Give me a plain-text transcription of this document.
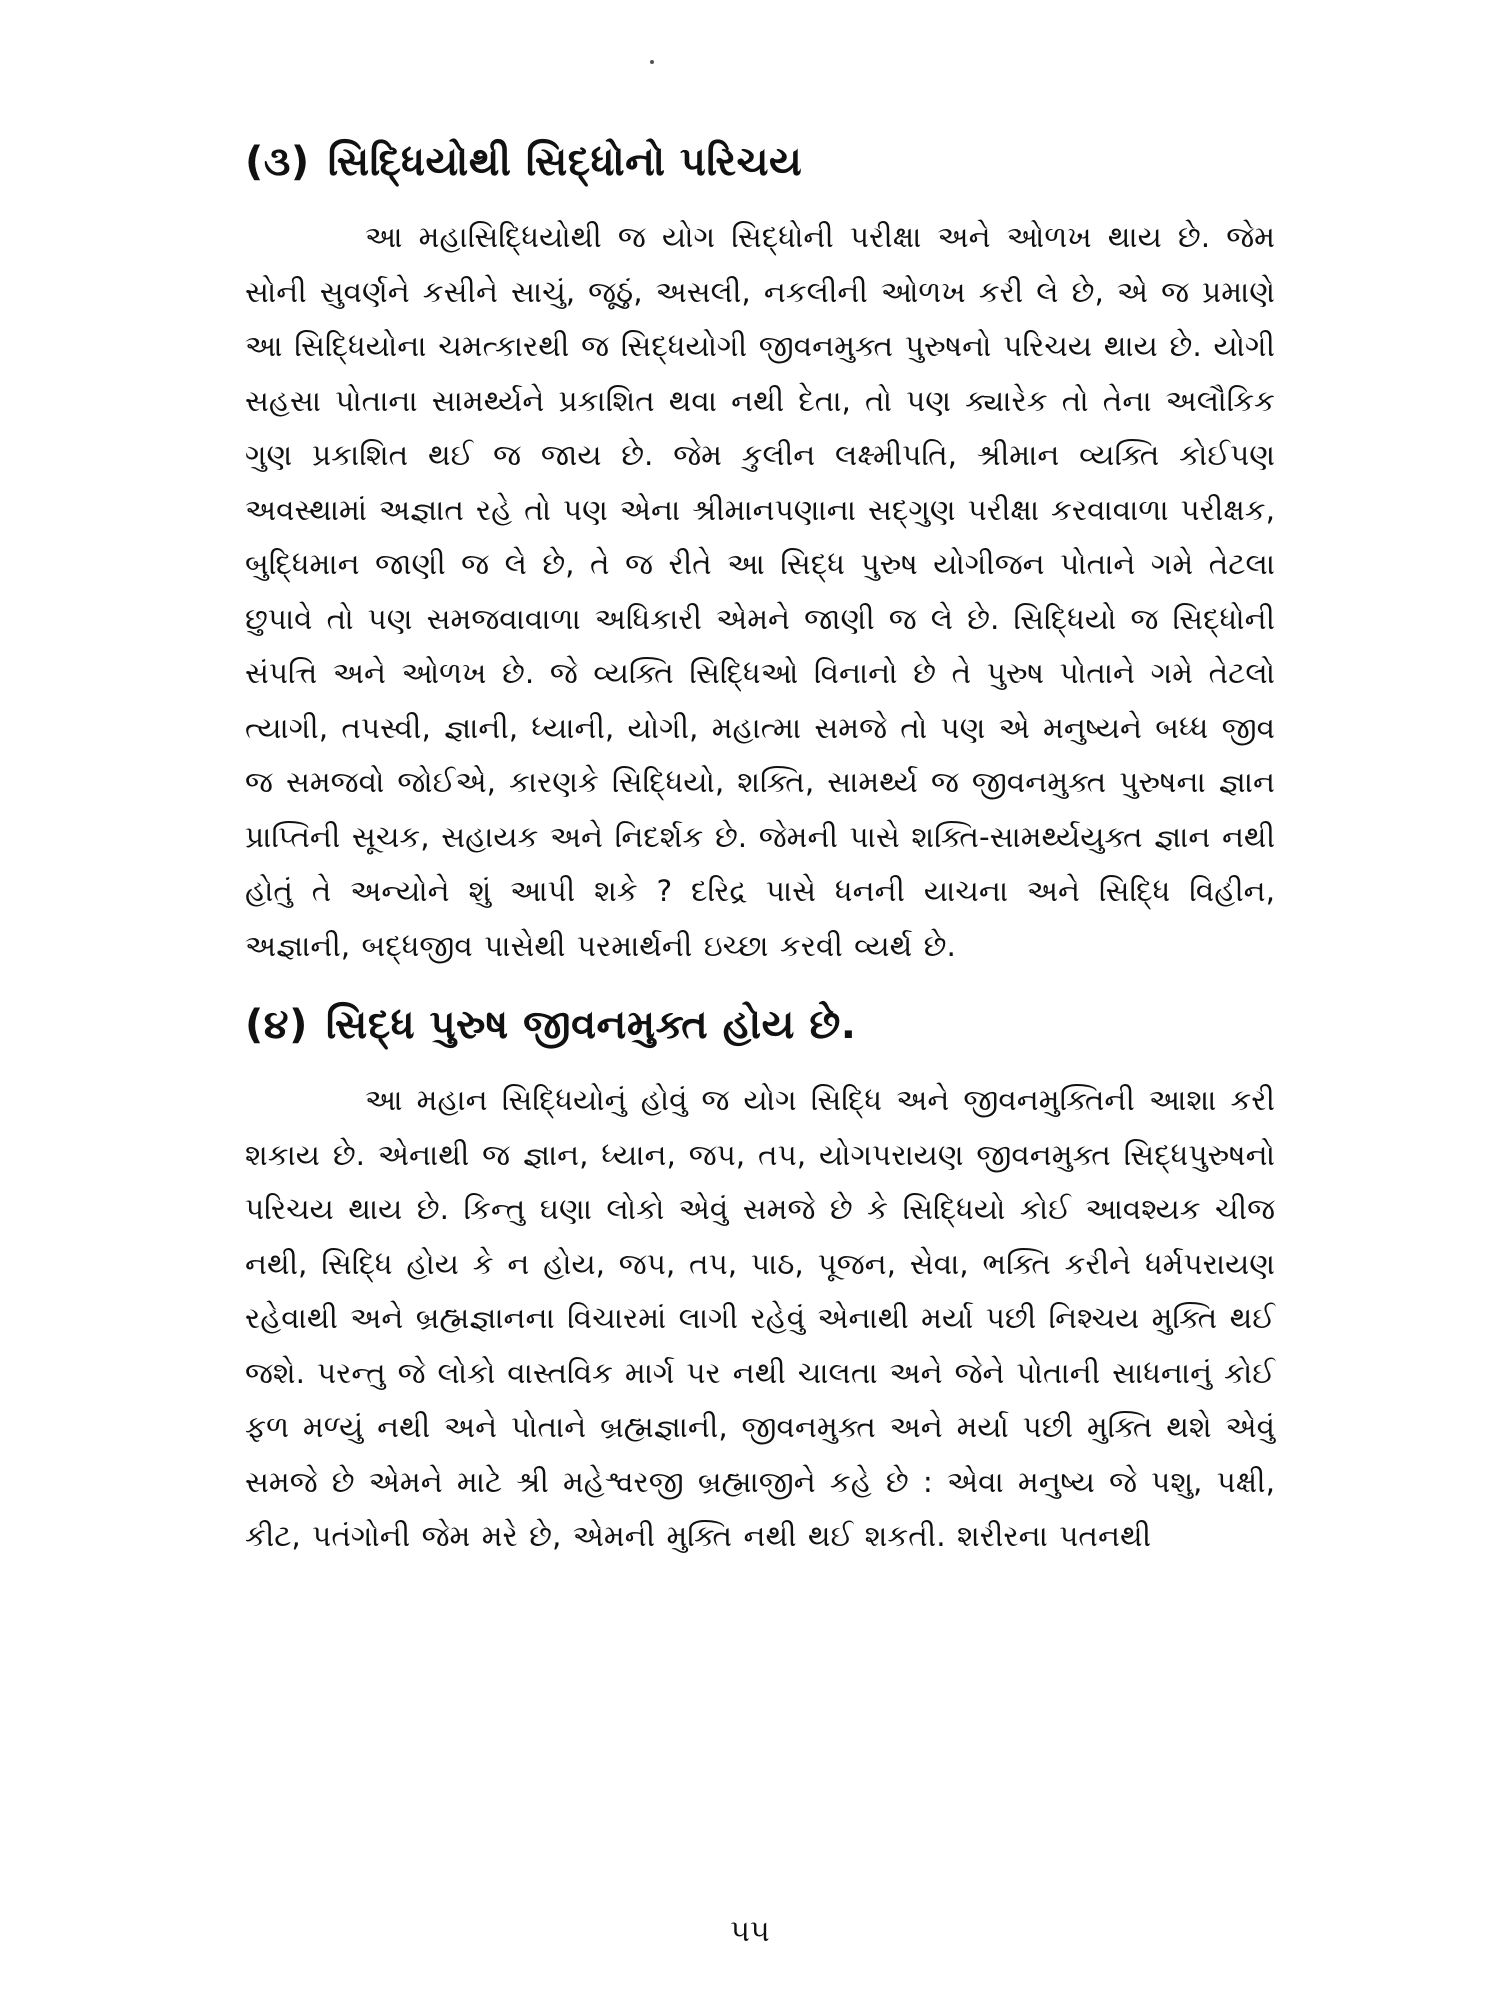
(૩) સિદ્ધિયોથી સિદ્ધોનો પરિચય

આ મહાસિદ્ધિયોથી જ યોગ સિદ્ધોની પરીક્ષા અને ઓળખ થાય છે. જેમ સોની સુવર્ણને કસીને સાચું, જૂઠું, અસલી, નકલીની ઓળખ કરી લે છે, એ જ પ્રમાણે આ સિદ્ધિયોના ચમત્કારથી જ સિદ્ધયોગી જીવનમુક્ત પુરુષનો પરિચય થાય છે. યોગી સહસા પોતાના સામર્થ્યને પ્રકાશિત થવા નથી દેતા, તો પણ ક્યારેક તો તેના અલૌકિક ગુણ પ્રકાશિત થઈ જ જાય છે. જેમ કુલીન લક્ષ્મીપતિ, શ્રીમાન વ્યક્તિ કોઈપણ અવસ્થામાં અજ્ઞાત રહે તો પણ એના શ્રીમાનપણાના સદ્ગુણ પરીક્ષા કરવાવાળા પરીક્ષક, બુદ્ધિમાન જાણી જ લે છે, તે જ રીતે આ સિદ્ધ પુરુષ યોગીજન પોતાને ગમે તેટલા છુપાવે તો પણ સમજવાવાળા અધિકારી એમને જાણી જ લે છે. સિદ્ધિયો જ સિદ્ધોની સંપત્તિ અને ઓળખ છે. જે વ્યક્તિ સિદ્ધિઓ વિનાનો છે તે પુરુષ પોતાને ગમે તેટલો ત્યાગી, તપસ્વી, જ્ઞાની, ધ્યાની, યોગી, મહાત્મા સમજે તો પણ એ મનુષ્યને બધ્ધ જીવ જ સમજવો જોઈએ, કારણકે સિદ્ધિયો, શક્તિ, સામર્થ્ય જ જીવનમુક્ત પુરુષના જ્ઞાન પ્રાપ્તિની સૂચક, સહાયક અને નિદર્શક છે. જેમની પાસે શક્તિ-સામર્થ્યયુક્ત જ્ઞાન નથી હોતું તે અન્યોને શું આપી શકે ? દરિદ્ર પાસે ધનની યાચના અને સિદ્ધિ વિહીન, અજ્ઞાની, બદ્ધજીવ પાસેથી પરમાર્થની ઇચ્છા કરવી વ્યર્થ છે.

(૪) સિદ્ધ પુરુષ જીવનમુક્ત હોય છે.

આ મહાન સિદ્ધિયોનું હોવું જ યોગ સિદ્ધિ અને જીવનમુક્તિની આશા કરી શકાય છે. એનાથી જ જ્ઞાન, ધ્યાન, જપ, તપ, યોગપરાયણ જીવનમુક્ત સિદ્ધપુરુષનો પરિચય થાય છે. કિન્તુ ઘણા લોકો એવું સમજે છે કે સિદ્ધિયો કોઈ આવશ્યક ચીજ નથી, સિદ્ધિ હોય કે ન હોય, જપ, તપ, પાઠ, પૂજન, સેવા, ભક્તિ કરીને ધર્મપરાયણ રહેવાથી અને બ્રહ્મજ્ઞાનના વિચારમાં લાગી રહેવું એનાથી મર્યા પછી નિશ્ચય મુક્તિ થઈ જશે. પરન્તુ જે લોકો વાસ્તવિક માર્ગ પર નથી ચાલતા અને જેને પોતાની સાધનાનું કોઈ ફળ મળ્યું નથી અને પોતાને બ્રહ્મજ્ઞાની, જીવનમુક્ત અને મર્યા પછી મુક્તિ થશે એવું સમજે છે એમને માટે શ્રી મહેશ્વરજી બ્રહ્માજીને કહે છે : એવા મનુષ્ય જે પશુ, પક્ષી, કીટ, પતંગોની જેમ મરે છે, એમની મુક્તિ નથી થઈ શકતી. શરીરના પતનથી

૫૫
